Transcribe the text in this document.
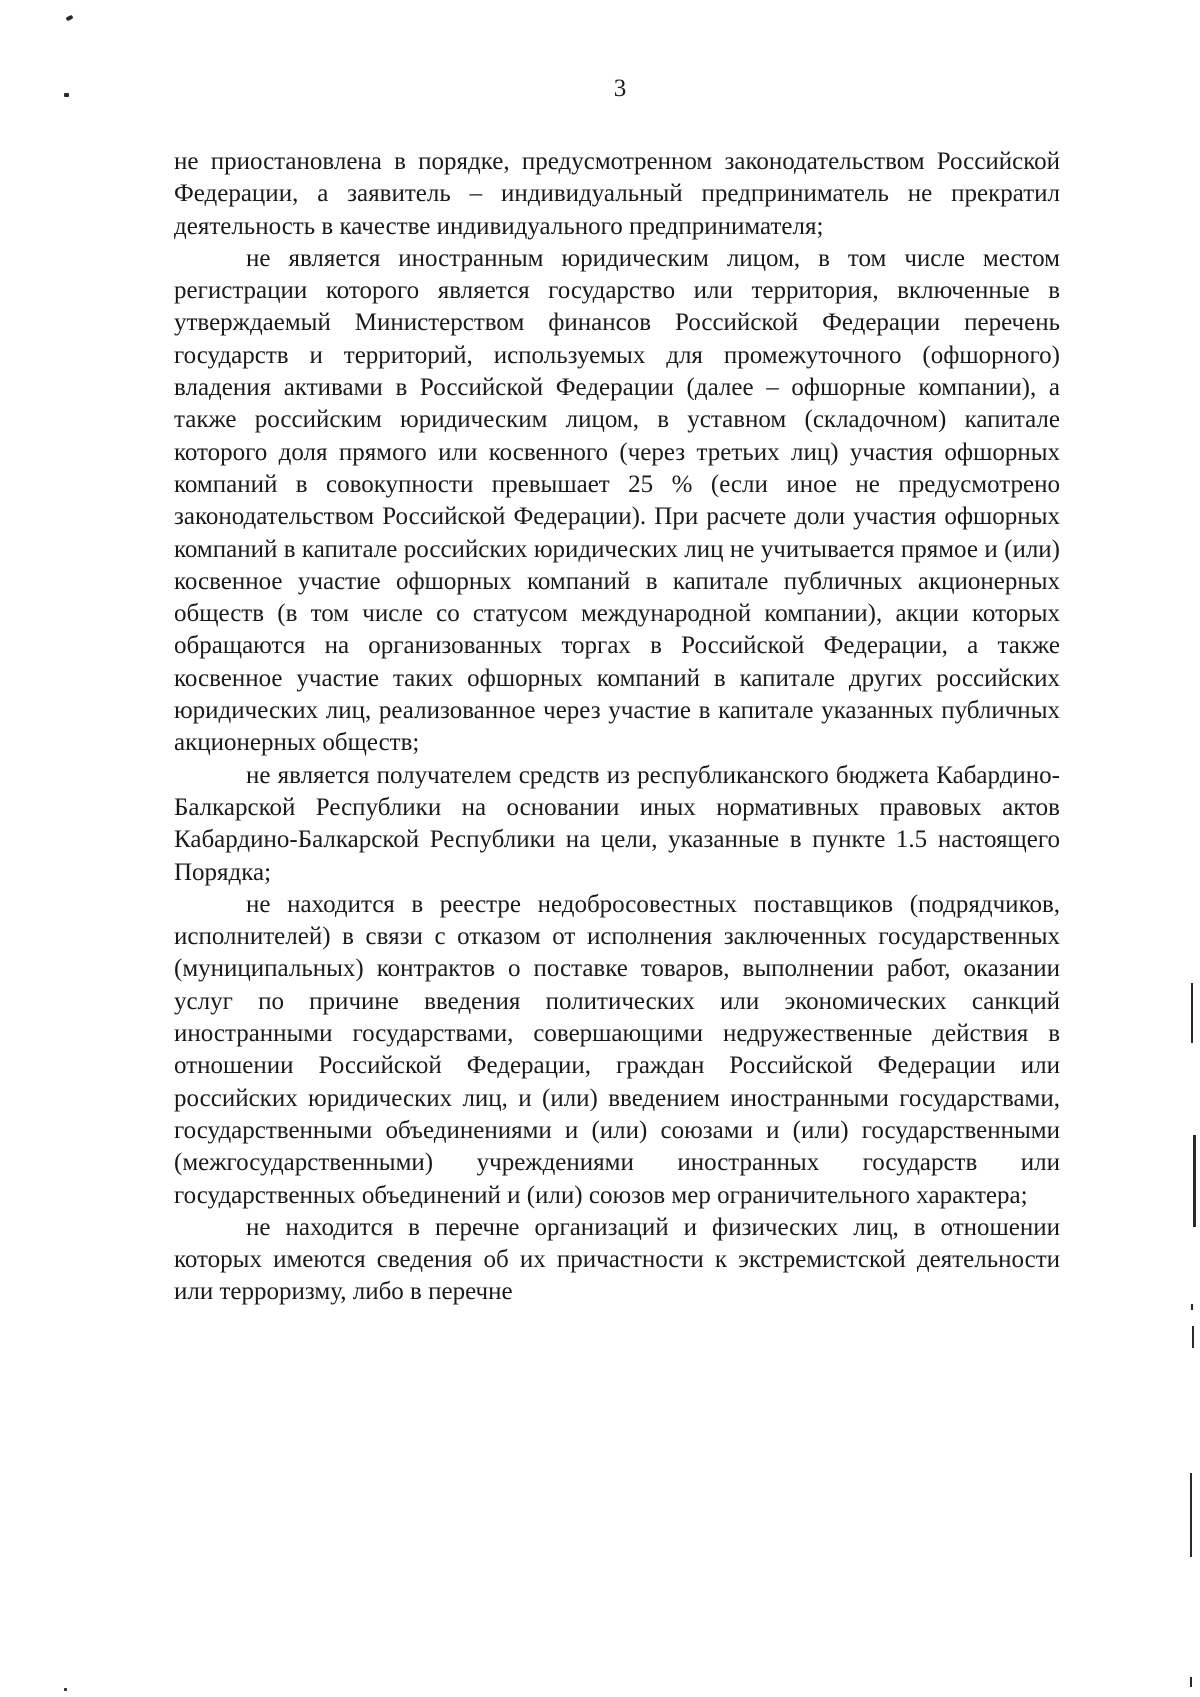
3

не приостановлена в порядке, предусмотренном законодательством Российской Федерации, а заявитель – индивидуальный предприниматель не прекратил деятельность в качестве индивидуального предпринимателя;

не является иностранным юридическим лицом, в том числе местом регистрации которого является государство или территория, включенные в утверждаемый Министерством финансов Российской Федерации перечень государств и территорий, используемых для промежуточного (офшорного) владения активами в Российской Федерации (далее – офшорные компании), а также российским юридическим лицом, в уставном (складочном) капитале которого доля прямого или косвенного (через третьих лиц) участия офшорных компаний в совокупности превышает 25 % (если иное не предусмотрено законодательством Российской Федерации). При расчете доли участия офшорных компаний в капитале российских юридических лиц не учитывается прямое и (или) косвенное участие офшорных компаний в капитале публичных акционерных обществ (в том числе со статусом международной компании), акции которых обращаются на организованных торгах в Российской Федерации, а также косвенное участие таких офшорных компаний в капитале других российских юридических лиц, реализованное через участие в капитале указанных публичных акционерных обществ;

не является получателем средств из республиканского бюджета Кабардино-Балкарской Республики на основании иных нормативных правовых актов Кабардино-Балкарской Республики на цели, указанные в пункте 1.5 настоящего Порядка;

не находится в реестре недобросовестных поставщиков (подрядчиков, исполнителей) в связи с отказом от исполнения заключенных государственных (муниципальных) контрактов о поставке товаров, выполнении работ, оказании услуг по причине введения политических или экономических санкций иностранными государствами, совершающими недружественные действия в отношении Российской Федерации, граждан Российской Федерации или российских юридических лиц, и (или) введением иностранными государствами, государственными объединениями и (или) союзами и (или) государственными (межгосударственными) учреждениями иностранных государств или государственных объединений и (или) союзов мер ограничительного характера;

не находится в перечне организаций и физических лиц, в отношении которых имеются сведения об их причастности к экстремистской деятельности или терроризму, либо в перечне
